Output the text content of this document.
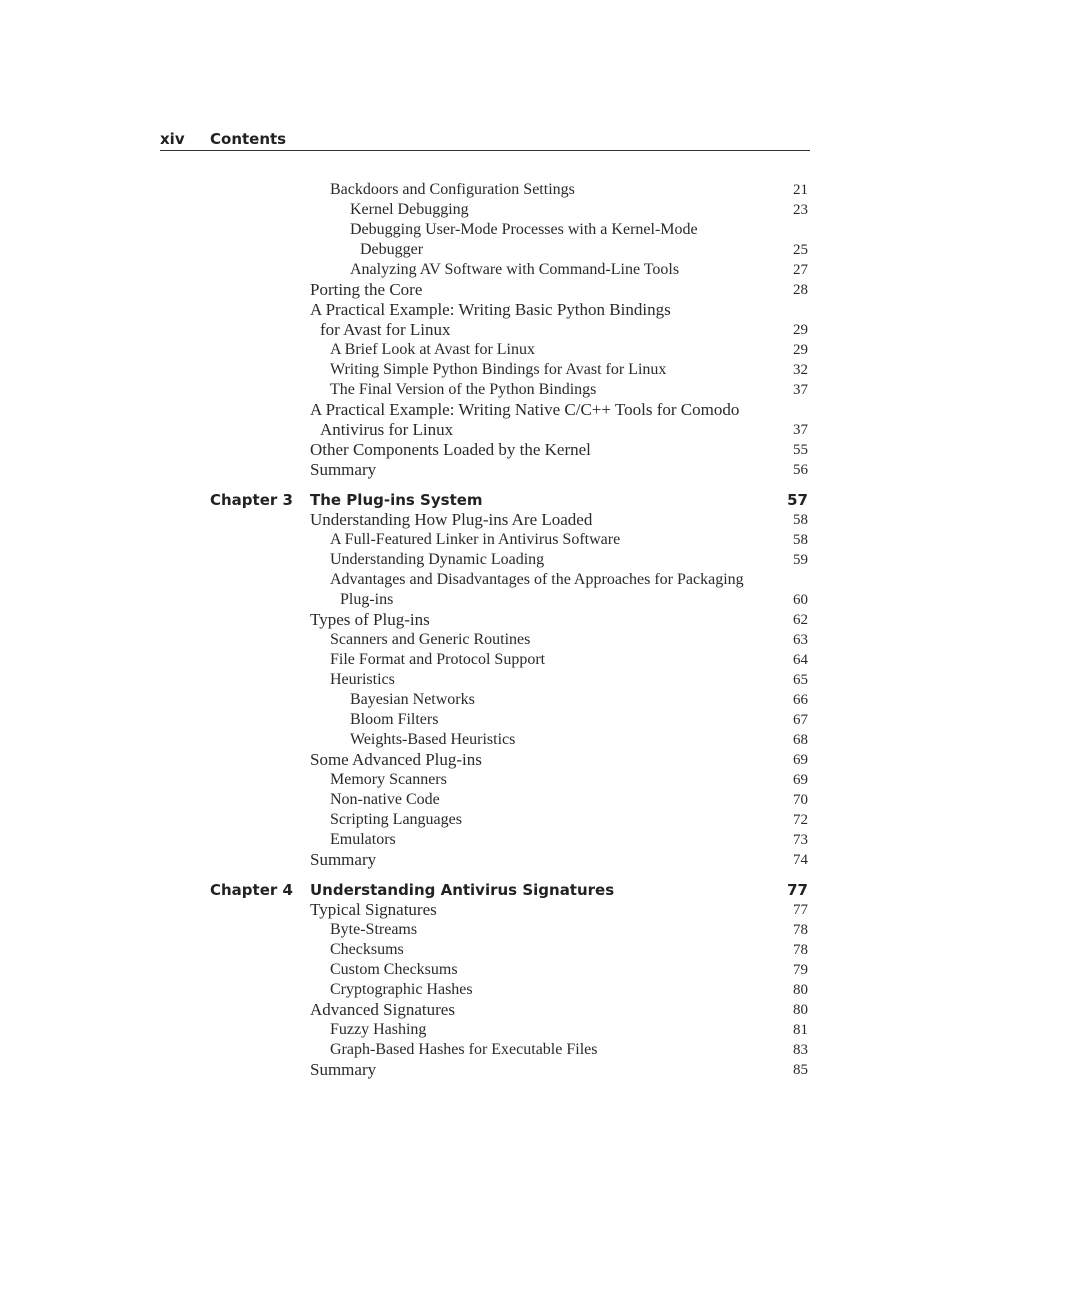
xiv Contents
Backdoors and Configuration Settings	21
Kernel Debugging	23
Debugging User-Mode Processes with a Kernel-Mode
Debugger	25
Analyzing AV Software with Command-Line Tools	27
Porting the Core	28
A Practical Example: Writing Basic Python Bindings
for Avast for Linux	29
A Brief Look at Avast for Linux	29
Writing Simple Python Bindings for Avast for Linux	32
The Final Version of the Python Bindings	37
A Practical Example: Writing Native C/C++ Tools for Comodo
Antivirus for Linux	37
Other Components Loaded by the Kernel	55
Summary	56
Chapter 3 The Plug-ins System	57
Understanding How Plug-ins Are Loaded	58
A Full-Featured Linker in Antivirus Software	58
Understanding Dynamic Loading	59
Advantages and Disadvantages of the Approaches for Packaging
Plug-ins	60
Types of Plug-ins	62
Scanners and Generic Routines	63
File Format and Protocol Support	64
Heuristics	65
Bayesian Networks	66
Bloom Filters	67
Weights-Based Heuristics	68
Some Advanced Plug-ins	69
Memory Scanners	69
Non-native Code	70
Scripting Languages	72
Emulators	73
Summary	74
Chapter 4 Understanding Antivirus Signatures	77
Typical Signatures	77
Byte-Streams	78
Checksums	78
Custom Checksums	79
Cryptographic Hashes	80
Advanced Signatures	80
Fuzzy Hashing	81
Graph-Based Hashes for Executable Files	83
Summary	85
